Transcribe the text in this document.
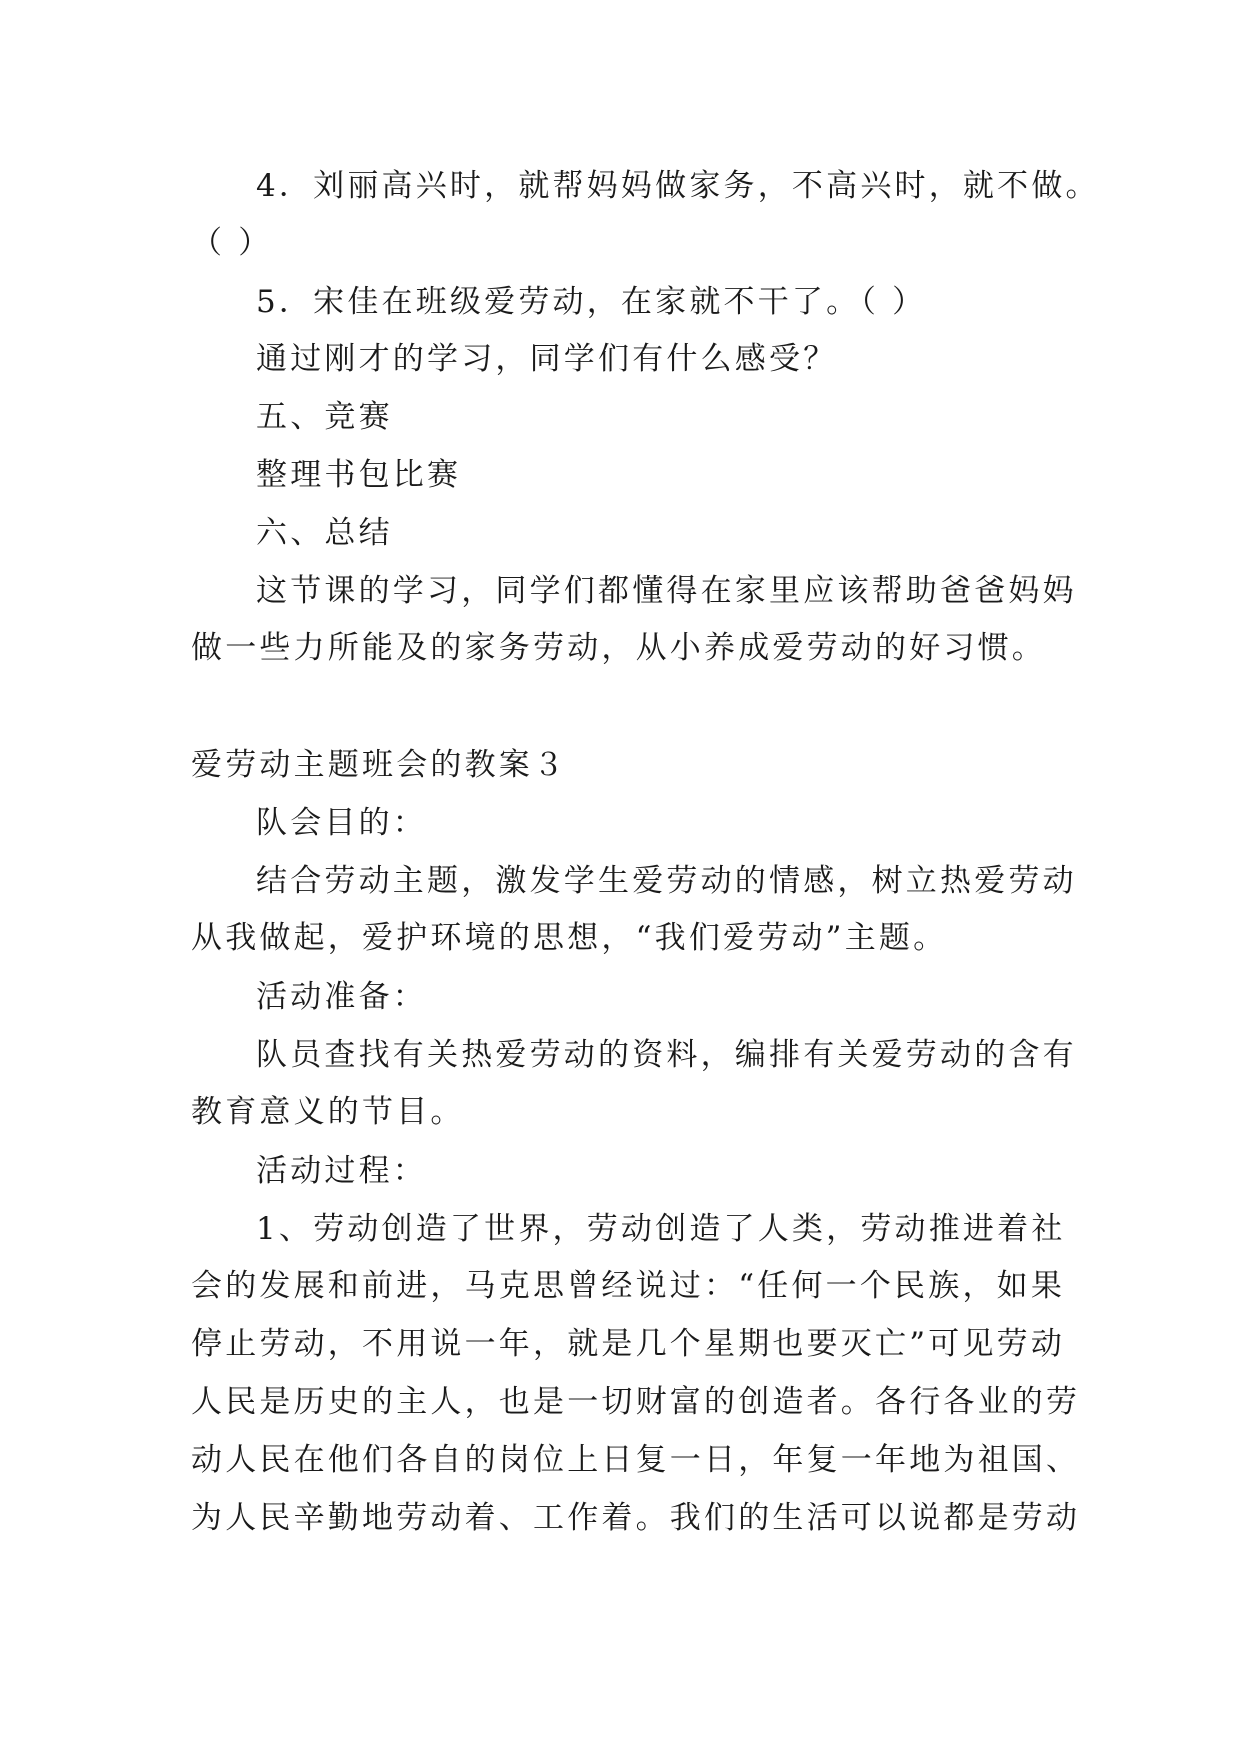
4．刘丽高兴时，就帮妈妈做家务，不高兴时，就不做。

（ ）

5．宋佳在班级爱劳动，在家就不干了。（ ）

通过刚才的学习，同学们有什么感受？

五、竞赛

整理书包比赛

六、总结

这节课的学习，同学们都懂得在家里应该帮助爸爸妈妈

做一些力所能及的家务劳动，从小养成爱劳动的好习惯。

爱劳动主题班会的教案３

队会目的：

结合劳动主题，激发学生爱劳动的情感，树立热爱劳动

从我做起，爱护环境的思想，“我们爱劳动”主题。

活动准备：

队员查找有关热爱劳动的资料，编排有关爱劳动的含有

教育意义的节目。

活动过程：

1、劳动创造了世界，劳动创造了人类，劳动推进着社

会的发展和前进，马克思曾经说过：“任何一个民族，如果

停止劳动，不用说一年，就是几个星期也要灭亡”可见劳动

人民是历史的主人，也是一切财富的创造者。各行各业的劳

动人民在他们各自的岗位上日复一日，年复一年地为祖国、

为人民辛勤地劳动着、工作着。我们的生活可以说都是劳动
